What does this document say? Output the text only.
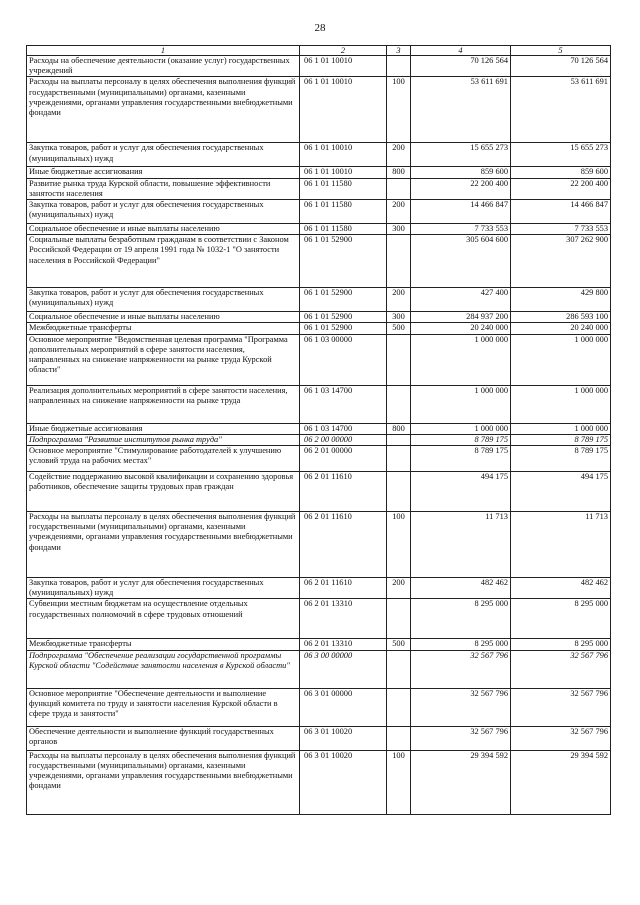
28
1	2	3	4	5
Расходы на обеспечение деятельности (оказание услуг) государственных учреждений	06 1 01 10010		70 126 564	70 126 564
Расходы на выплаты персоналу в целях обеспечения выполнения функций государственными (муниципальными) органами, казенными учреждениями, органами управления государственными внебюджетными фондами	06 1 01 10010	100	53 611 691	53 611 691
Закупка товаров, работ и услуг для обеспечения государственных (муниципальных) нужд	06 1 01 10010	200	15 655 273	15 655 273
Иные бюджетные ассигнования	06 1 01 10010	800	859 600	859 600
Развитие рынка труда Курской области, повышение эффективности занятости населения	06 1 01 11580		22 200 400	22 200 400
Закупка товаров, работ и услуг для обеспечения государственных (муниципальных) нужд	06 1 01 11580	200	14 466 847	14 466 847
Социальное обеспечение и иные выплаты населению	06 1 01 11580	300	7 733 553	7 733 553
Социальные выплаты безработным гражданам в соответствии с Законом Российской Федерации от 19 апреля 1991 года № 1032-1 "О занятости населения в Российской Федерации"	06 1 01 52900		305 604 600	307 262 900
Закупка товаров, работ и услуг для обеспечения государственных (муниципальных) нужд	06 1 01 52900	200	427 400	429 800
Социальное обеспечение и иные выплаты населению	06 1 01 52900	300	284 937 200	286 593 100
Межбюджетные трансферты	06 1 01 52900	500	20 240 000	20 240 000
Основное мероприятие "Ведомственная целевая программа "Программа дополнительных мероприятий в сфере занятости населения, направленных на снижение напряженности на рынке труда Курской области"	06 1 03 00000		1 000 000	1 000 000
Реализация дополнительных мероприятий в сфере занятости населения, направленных на снижение напряженности на рынке труда	06 1 03 14700		1 000 000	1 000 000
Иные бюджетные ассигнования	06 1 03 14700	800	1 000 000	1 000 000
Подпрограмма "Развитие институтов рынка труда"	06 2 00 00000		8 789 175	8 789 175
Основное мероприятие "Стимулирование работодателей к улучшению условий труда на рабочих местах"	06 2 01 00000		8 789 175	8 789 175
Содействие поддержанию высокой квалификации и сохранению здоровья работников, обеспечение защиты трудовых прав граждан	06 2 01 11610		494 175	494 175
Расходы на выплаты персоналу в целях обеспечения выполнения функций государственными (муниципальными) органами, казенными учреждениями, органами управления государственными внебюджетными фондами	06 2 01 11610	100	11 713	11 713
Закупка товаров, работ и услуг для обеспечения государственных (муниципальных) нужд	06 2 01 11610	200	482 462	482 462
Субвенции местным бюджетам на осуществление отдельных государственных полномочий в сфере трудовых отношений	06 2 01 13310		8 295 000	8 295 000
Межбюджетные трансферты	06 2 01 13310	500	8 295 000	8 295 000
Подпрограмма "Обеспечение реализации государственной программы Курской области "Содействие занятости населения в Курской области"	06 3 00 00000		32 567 796	32 567 796
Основное мероприятие "Обеспечение деятельности и выполнение функций комитета по труду и занятости населения Курской области в сфере труда и занятости"	06 3 01 00000		32 567 796	32 567 796
Обеспечение деятельности и выполнение функций государственных органов	06 3 01 10020		32 567 796	32 567 796
Расходы на выплаты персоналу в целях обеспечения выполнения функций государственными (муниципальными) органами, казенными учреждениями, органами управления государственными внебюджетными фондами	06 3 01 10020	100	29 394 592	29 394 592
